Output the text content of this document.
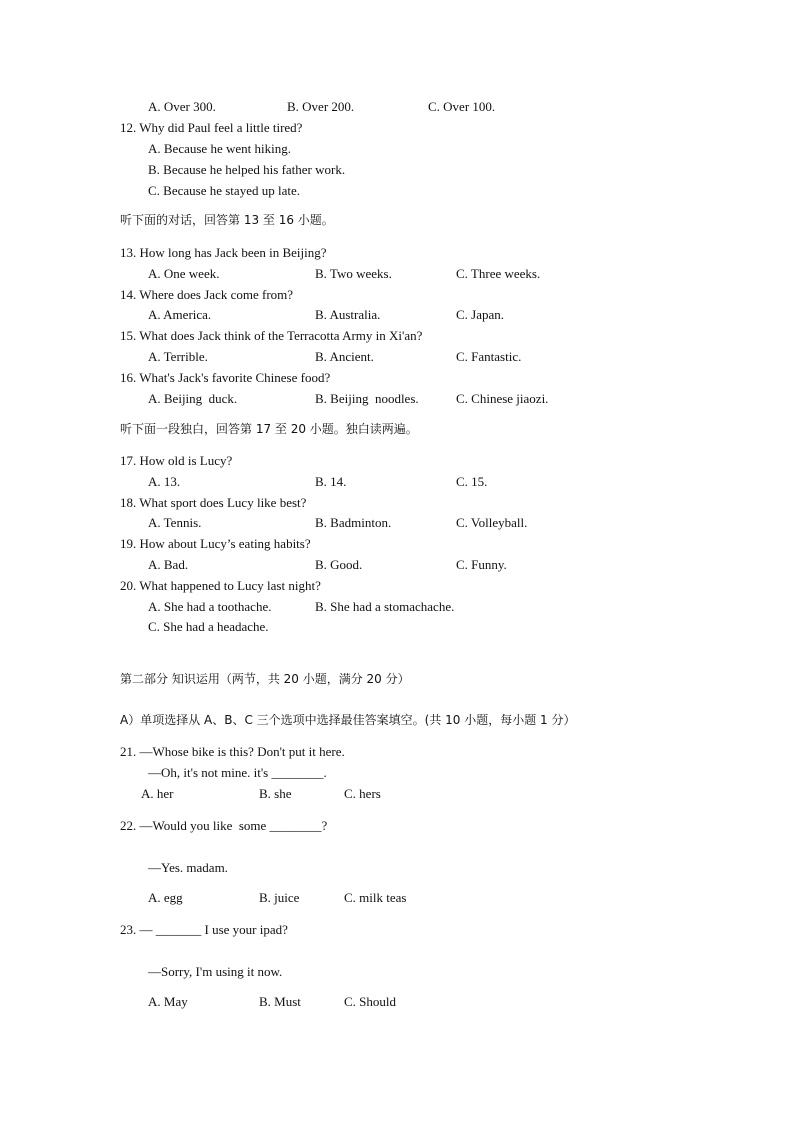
A. Over 300.	B. Over 200.	C. Over 100.
12. Why did Paul feel a little tired?
A. Because he went hiking.
B. Because he helped his father work.
C. Because he stayed up late.
听下面的对话，回答第 13 至 16 小题。
13. How long has Jack been in Beijing?
A. One week.	B. Two weeks.	C. Three weeks.
14. Where does Jack come from?
A. America.	B. Australia.	C. Japan.
15. What does Jack think of the Terracotta Army in Xi'an?
A. Terrible.	B. Ancient.	C. Fantastic.
16. What's Jack's favorite Chinese food?
A. Beijing  duck.	B. Beijing  noodles.	C. Chinese jiaozi.
听下面一段独白，回答第 17 至 20 小题。独白读两遍。
17. How old is Lucy?
A. 13.	B. 14.	C. 15.
18. What sport does Lucy like best?
A. Tennis.	B. Badminton.	C. Volleyball.
19. How about Lucy’s eating habits?
A. Bad.	B. Good.	C. Funny.
20. What happened to Lucy last night?
A. She had a toothache.	B. She had a stomachache.
C. She had a headache.
第二部分 知识运用（两节，共 20 小题，满分 20 分）
A）单项选择从 A、B、C 三个选项中选择最佳答案填空。(共 10 小题，每小题 1 分）
21. —Whose bike is this? Don't put it here.
—Oh, it's not mine. it's ________.
A. her	B. she	C. hers
22. —Would you like  some ________?
—Yes. madam.
A. egg	B. juice	C. milk teas
23. — _______ I use your ipad?
—Sorry, I'm using it now.
A. May	B. Must	C. Should
